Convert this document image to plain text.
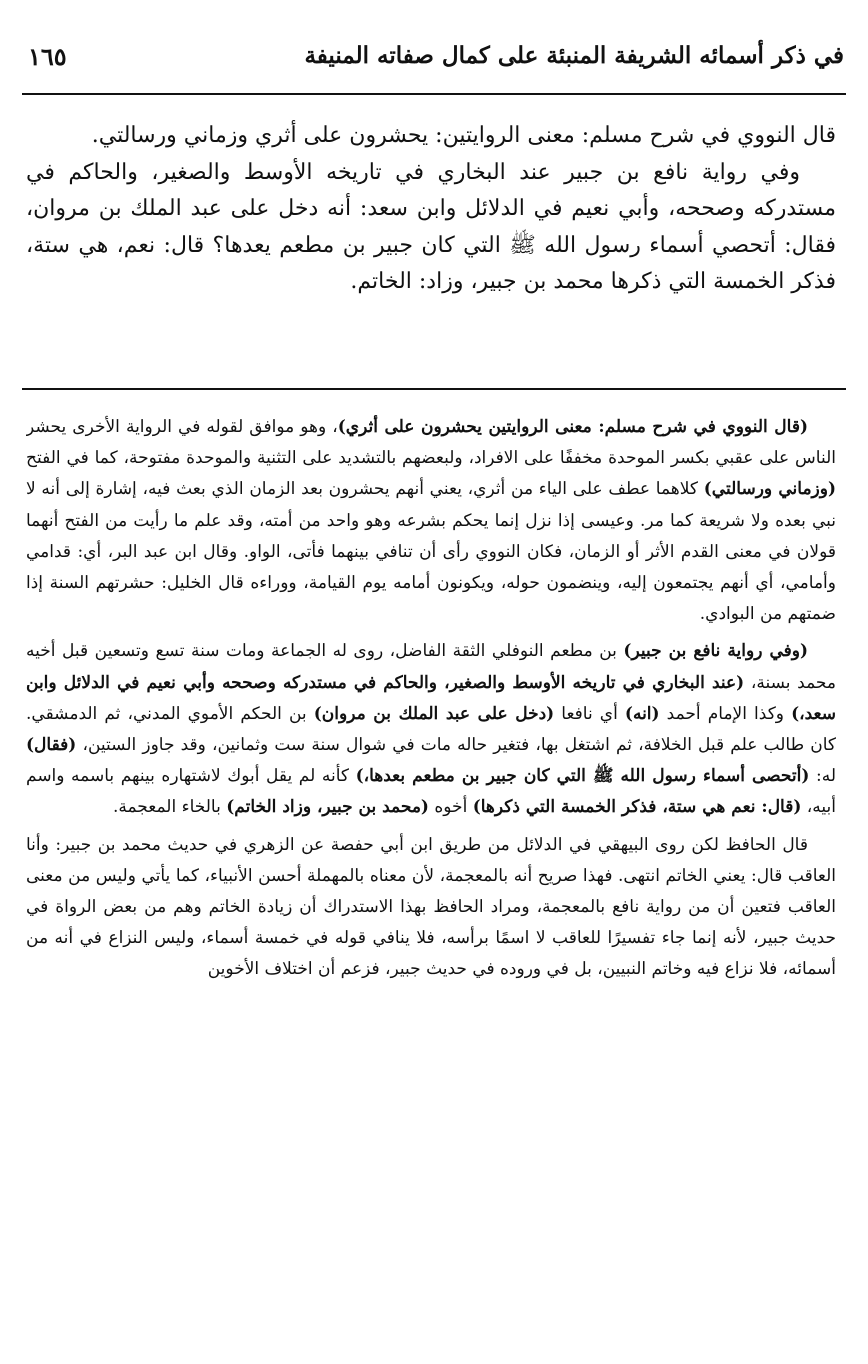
في ذكر أسمائه الشريفة المنبئة على كمال صفاته المنيفة
١٦٥

قال النووي في شرح مسلم: معنى الروايتين: يحشرون على أثري وزماني ورسالتي.

وفي رواية نافع بن جبير عند البخاري في تاريخه الأوسط والصغير، والحاكم في مستدركه وصححه، وأبي نعيم في الدلائل وابن سعد: أنه دخل على عبد الملك بن مروان، فقال: أتحصي أسماء رسول الله ﷺ التي كان جبير بن مطعم يعدها؟ قال: نعم، هي ستة، فذكر الخمسة التي ذكرها محمد بن جبير، وزاد: الخاتم.

(قال النووي في شرح مسلم: معنى الروايتين يحشرون على أثري)، وهو موافق لقوله في الرواية الأخرى يحشر الناس على عقبي بكسر الموحدة مخففًا على الافراد، ولبعضهم بالتشديد على التثنية والموحدة مفتوحة، كما في الفتح (وزماني ورسالتي) كلاهما عطف على الياء من أثري، يعني أنهم يحشرون بعد الزمان الذي بعث فيه، إشارة إلى أنه لا نبي بعده ولا شريعة كما مر. وعيسى إذا نزل إنما يحكم بشرعه وهو واحد من أمته، وقد علم ما رأيت من الفتح أنهما قولان في معنى القدم الأثر أو الزمان، فكان النووي رأى أن تنافي بينهما فأتى، الواو. وقال ابن عبد البر، أي: قدامي وأمامي، أي أنهم يجتمعون إليه، وينضمون حوله، ويكونون أمامه يوم القيامة، ووراءه قال الخليل: حشرتهم السنة إذا ضمتهم من البوادي.

(وفي رواية نافع بن جبير) بن مطعم النوفلي الثقة الفاضل، روى له الجماعة ومات سنة تسع وتسعين قبل أخيه محمد بسنة، (عند البخاري في تاريخه الأوسط والصغير، والحاكم في مستدركه وصححه وأبي نعيم في الدلائل وابن سعد،) وكذا الإمام أحمد (انه) أي نافعا (دخل على عبد الملك بن مروان) بن الحكم الأموي المدني، ثم الدمشقي. كان طالب علم قبل الخلافة، ثم اشتغل بها، فتغير حاله مات في شوال سنة ست وثمانين، وقد جاوز الستين، (فقال) له: (أتحصى أسماء رسول الله ﷺ التي كان جبير بن مطعم بعدها،) كأنه لم يقل أبوك لاشتهاره بينهم باسمه واسم أبيه، (قال: نعم هي ستة، فذكر الخمسة التي ذكرها) أخوه (محمد بن جبير، وزاد الخاتم) بالخاء المعجمة.

قال الحافظ لكن روى البيهقي في الدلائل من طريق ابن أبي حفصة عن الزهري في حديث محمد بن جبير: وأنا العاقب قال: يعني الخاتم انتهى. فهذا صريح أنه بالمعجمة، لأن معناه بالمهملة أحسن الأنبياء، كما يأتي وليس من معنى العاقب فتعين أن من رواية نافع بالمعجمة، ومراد الحافظ بهذا الاستدراك أن زيادة الخاتم وهم من بعض الرواة في حديث جبير، لأنه إنما جاء تفسيرًا للعاقب لا اسمًا برأسه، فلا ينافي قوله في خمسة أسماء، وليس النزاع في أنه من أسمائه، فلا نزاع فيه وخاتم النبيين، بل في وروده في حديث جبير، فزعم أن اختلاف الأخوين
